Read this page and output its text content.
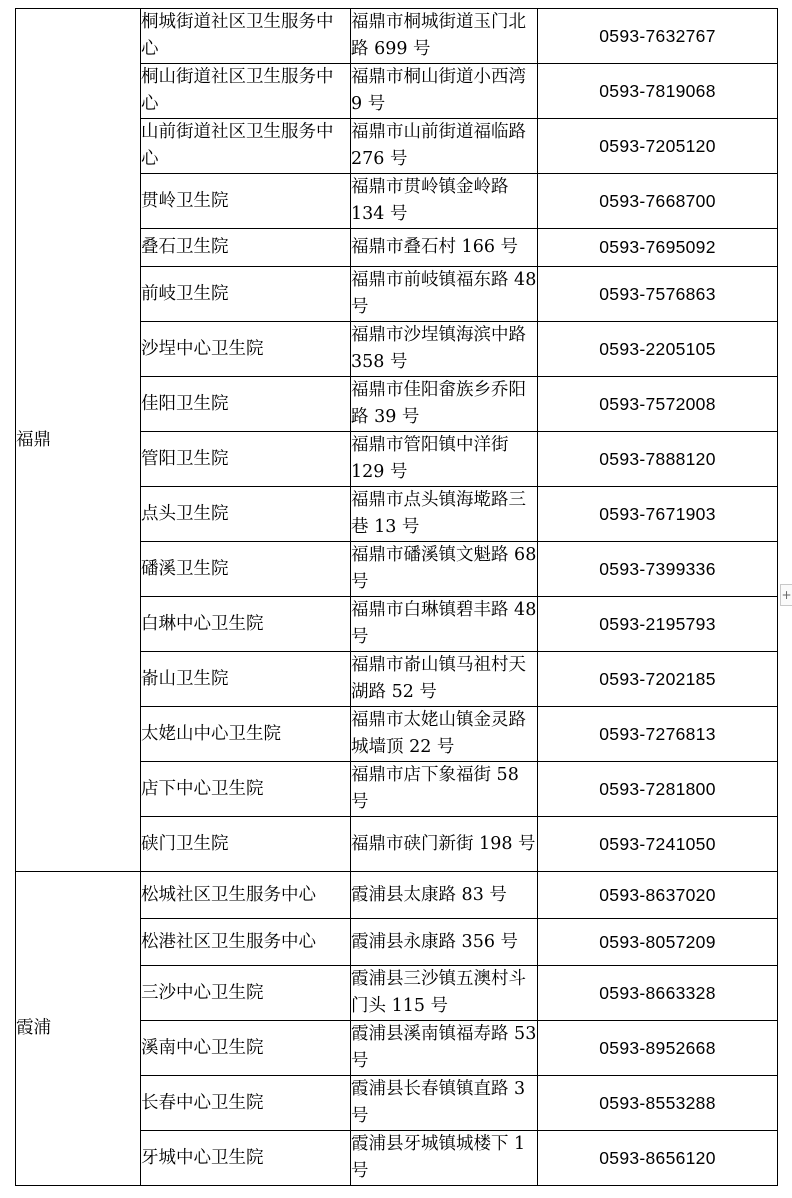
福鼎	桐城街道社区卫生服务中心	福鼎市桐城街道玉门北路 699 号	0593-7632767
	桐山街道社区卫生服务中心	福鼎市桐山街道小西湾 9 号	0593-7819068
	山前街道社区卫生服务中心	福鼎市山前街道福临路 276 号	0593-7205120
	贯岭卫生院	福鼎市贯岭镇金岭路 134 号	0593-7668700
	叠石卫生院	福鼎市叠石村 166 号	0593-7695092
	前岐卫生院	福鼎市前岐镇福东路 48 号	0593-7576863
	沙埕中心卫生院	福鼎市沙埕镇海滨中路 358 号	0593-2205105
	佳阳卫生院	福鼎市佳阳畲族乡乔阳路 39 号	0593-7572008
	管阳卫生院	福鼎市管阳镇中洋街 129 号	0593-7888120
	点头卫生院	福鼎市点头镇海墘路三巷 13 号	0593-7671903
	磻溪卫生院	福鼎市磻溪镇文魁路 68 号	0593-7399336
	白琳中心卫生院	福鼎市白琳镇碧丰路 48 号	0593-2195793
	嵛山卫生院	福鼎市嵛山镇马祖村天湖路 52 号	0593-7202185
	太姥山中心卫生院	福鼎市太姥山镇金灵路城墙顶 22 号	0593-7276813
	店下中心卫生院	福鼎市店下象福街 58 号	0593-7281800
	硖门卫生院	福鼎市硖门新街 198 号	0593-7241050
霞浦	松城社区卫生服务中心	霞浦县太康路 83 号	0593-8637020
	松港社区卫生服务中心	霞浦县永康路 356 号	0593-8057209
	三沙中心卫生院	霞浦县三沙镇五澳村斗门头 115 号	0593-8663328
	溪南中心卫生院	霞浦县溪南镇福寿路 53 号	0593-8952668
	长春中心卫生院	霞浦县长春镇镇直路 3 号	0593-8553288
	牙城中心卫生院	霞浦县牙城镇城楼下 1 号	0593-8656120
+
